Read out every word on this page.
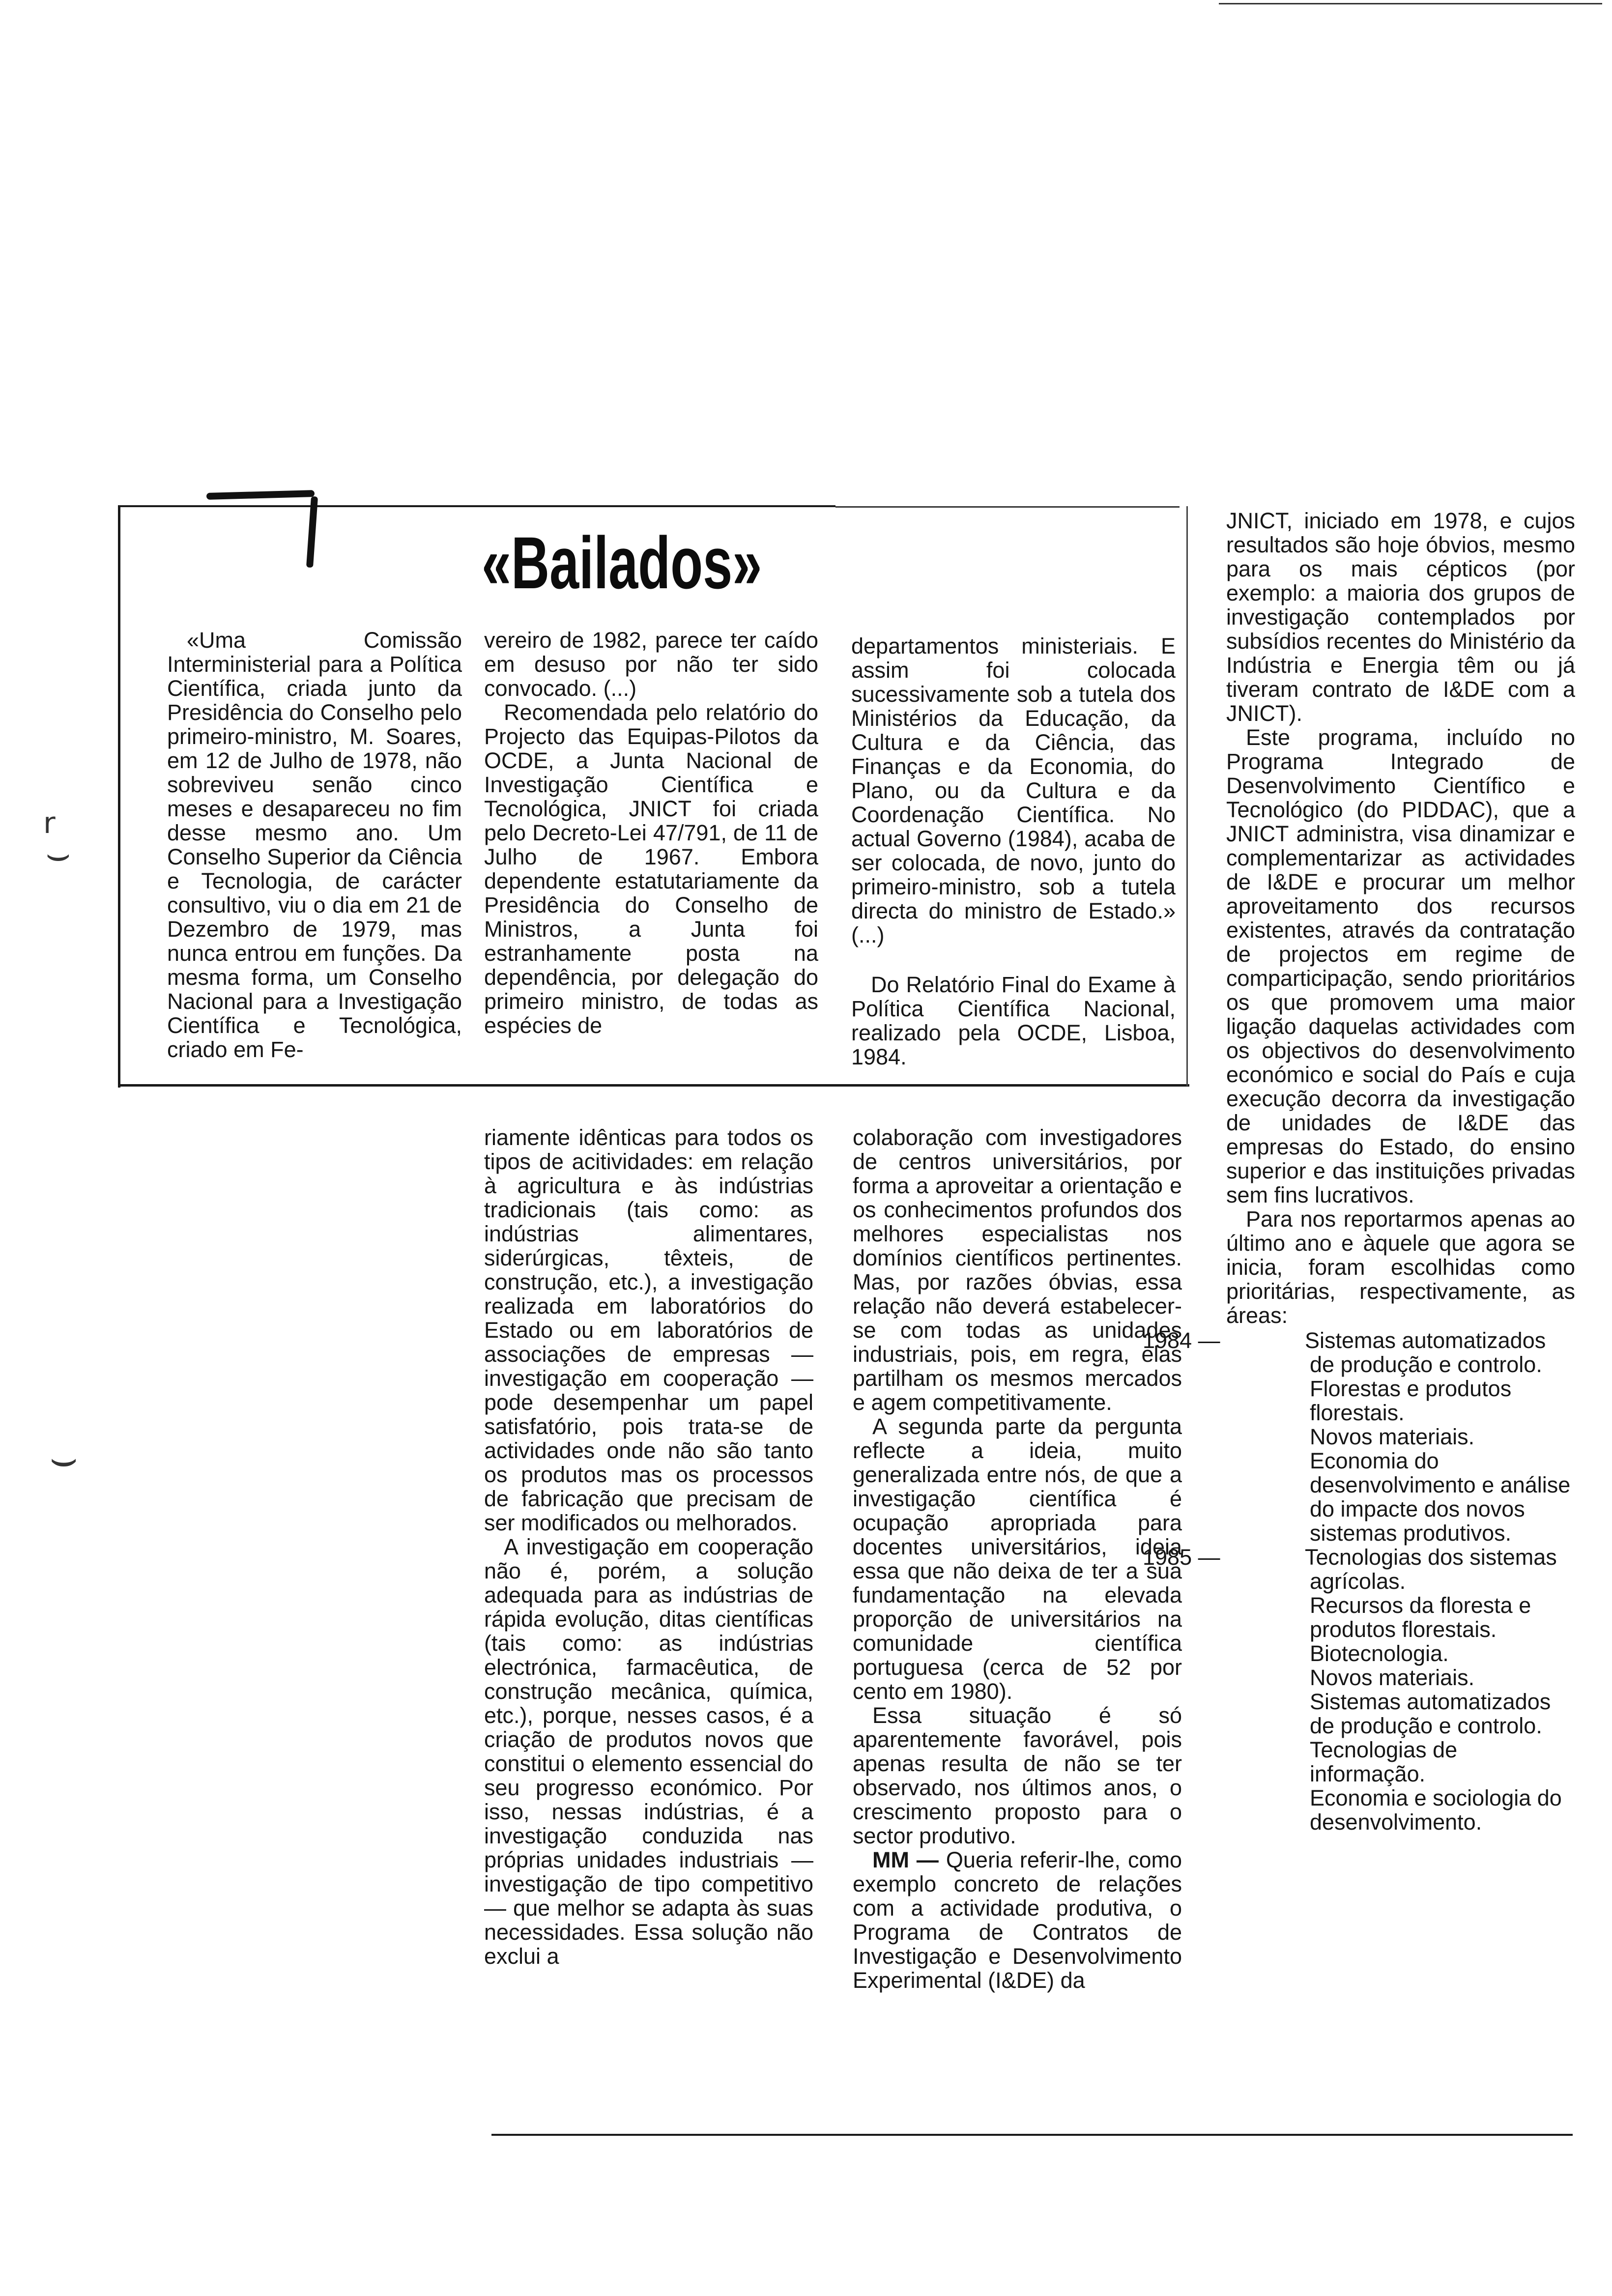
«Bailados»
r
⌣
⌣

«Uma Comissão Interministerial para a Política Científica, criada junto da Presidência do Conselho pelo primeiro-ministro, M. Soares, em 12 de Julho de 1978, não sobreviveu senão cinco meses e desapareceu no fim desse mesmo ano. Um Conselho Superior da Ciência e Tecnologia, de carácter consultivo, viu o dia em 21 de Dezembro de 1979, mas nunca entrou em funções. Da mesma forma, um Conselho Nacional para a Investigação Científica e Tecnológica, criado em Fe-

vereiro de 1982, parece ter caído em desuso por não ter sido convocado. (...)

Recomendada pelo relatório do Projecto das Equipas-Pilotos da OCDE, a Junta Nacional de Investigação Científica e Tecnológica, JNICT foi criada pelo Decreto-Lei 47/791, de 11 de Julho de 1967. Embora dependente estatutariamente da Presidência do Conselho de Ministros, a Junta foi estranhamente posta na dependência, por delegação do primeiro ministro, de todas as espécies de

departamentos ministeriais. E assim foi colocada sucessivamente sob a tutela dos Ministérios da Educação, da Cultura e da Ciência, das Finanças e da Economia, do Plano, ou da Cultura e da Coordenação Científica. No actual Governo (1984), acaba de ser colocada, de novo, junto do primeiro-ministro, sob a tutela directa do ministro de Estado.» (...)

Do Relatório Final do Exame à Política Científica Nacional, realizado pela OCDE, Lisboa, 1984.

JNICT, iniciado em 1978, e cujos resultados são hoje óbvios, mesmo para os mais cépticos (por exemplo: a maioria dos grupos de investigação contemplados por subsídios recentes do Ministério da Indústria e Energia têm ou já tiveram contrato de I&DE com a JNICT).

Este programa, incluído no Programa Integrado de Desenvolvimento Científico e Tecnológico (do PIDDAC), que a JNICT administra, visa dinamizar e complementarizar as actividades de I&DE e procurar um melhor aproveitamento dos recursos existentes, através da contratação de projectos em regime de comparticipação, sendo prioritários os que promovem uma maior ligação daquelas actividades com os objectivos do desenvolvimento económico e social do País e cuja execução decorra da investigação de unidades de I&DE das empresas do Estado, do ensino superior e das instituições privadas sem fins lucrativos.

Para nos reportarmos apenas ao último ano e àquele que agora se inicia, foram escolhidas como prioritárias, respectivamente, as áreas:

1984 —	Sistemas automatizados de produção e controlo.
Florestas e produtos florestais.
Novos materiais.
Economia do desenvolvimento e análise do impacte dos novos sistemas produtivos.
1985 —	Tecnologias dos sistemas agrícolas.
Recursos da floresta e produtos florestais.
Biotecnologia.
Novos materiais.
Sistemas automatizados de produção e controlo.
Tecnologias de informação.
Economia e sociologia do desenvolvimento.

riamente idênticas para todos os tipos de acitividades: em relação à agricultura e às indústrias tradicionais (tais como: as indústrias alimentares, siderúrgicas, têxteis, de construção, etc.), a investigação realizada em laboratórios do Estado ou em laboratórios de associações de empresas — investigação em cooperação — pode desempenhar um papel satisfatório, pois trata-se de actividades onde não são tanto os produtos mas os processos de fabricação que precisam de ser modificados ou melhorados.

A investigação em cooperação não é, porém, a solução adequada para as indústrias de rápida evolução, ditas científicas (tais como: as indústrias electrónica, farmacêutica, de construção mecânica, química, etc.), porque, nesses casos, é a criação de produtos novos que constitui o elemento essencial do seu progresso económico. Por isso, nessas indústrias, é a investigação conduzida nas próprias unidades industriais — investigação de tipo competitivo — que melhor se adapta às suas necessidades. Essa solução não exclui a

colaboração com investigadores de centros universitários, por forma a aproveitar a orientação e os conhecimentos profundos dos melhores especialistas nos domínios científicos pertinentes. Mas, por razões óbvias, essa relação não deverá estabelecer-se com todas as unidades industriais, pois, em regra, elas partilham os mesmos mercados e agem competitivamente.

A segunda parte da pergunta reflecte a ideia, muito generalizada entre nós, de que a investigação científica é ocupação apropriada para docentes universitários, ideia essa que não deixa de ter a sua fundamentação na elevada proporção de universitários na comunidade científica portuguesa (cerca de 52 por cento em 1980).

Essa situação é só aparentemente favorável, pois apenas resulta de não se ter observado, nos últimos anos, o crescimento proposto para o sector produtivo.

MM — Queria referir-lhe, como exemplo concreto de relações com a actividade produtiva, o Programa de Contratos de Investigação e Desenvolvimento Experimental (I&DE) da
